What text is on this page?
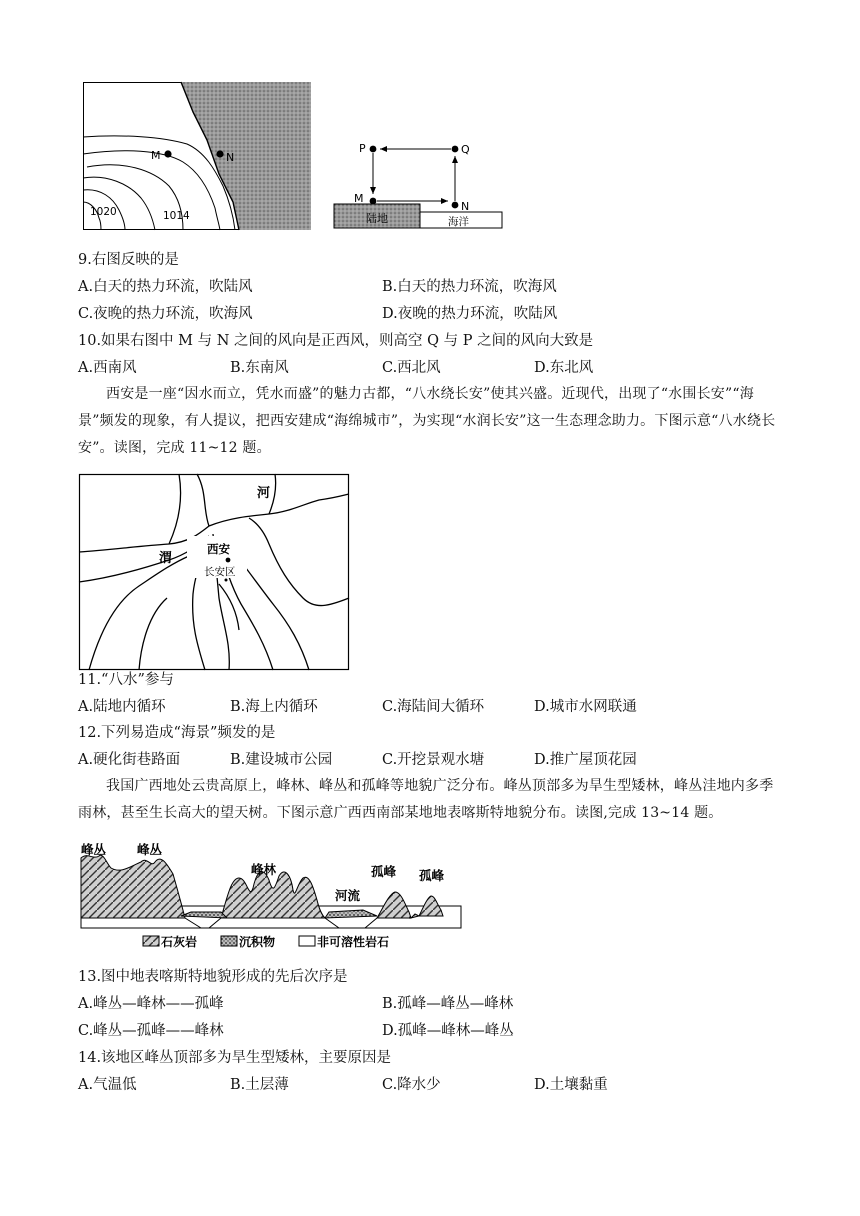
M	N
1020	1014	陆地	海洋
P	Q
M
N
9.右图反映的是
A.白天的热力环流，吹陆风	B.白天的热力环流，吹海风
C.夜晚的热力环流，吹海风	D.夜晚的热力环流，吹陆风
10.如果右图中 M 与 N 之间的风向是正西风，则高空 Q 与 P 之间的风向大致是
A.西南风	B.东南风	C.西北风	D.东北风
西安是一座“因水而立，凭水而盛”的魅力古都，“八水绕长安”使其兴盛。近现代，出现了“水围长安”“海景”频发的现象，有人提议，把西安建成“海绵城市”，为实现“水润长安”这一生态理念助力。下图示意“八水绕长安”。读图，完成 11~12 题。
西安
长安区
河
渭
11.“八水”参与
A.陆地内循环	B.海上内循环	C.海陆间大循环	D.城市水网联通
12.下列易造成“海景”频发的是
A.硬化街巷路面	B.建设城市公园	C.开挖景观水塘	D.推广屋顶花园
我国广西地处云贵高原上，峰林、峰丛和孤峰等地貌广泛分布。峰丛顶部多为旱生型矮林，峰丛洼地内多季雨林，甚至生长高大的望天树。下图示意广西西南部某地地表喀斯特地貌分布。读图,完成 13~14 题。
峰丛 峰丛
峰林
河流
孤峰 孤峰
石灰岩	沉积物	非可溶性岩石
13.图中地表喀斯特地貌形成的先后次序是
A.峰丛—峰林——孤峰	B.孤峰—峰丛—峰林
C.峰丛—孤峰——峰林	D.孤峰—峰林—峰丛
14.该地区峰丛顶部多为旱生型矮林，主要原因是
A.气温低	B.土层薄	C.降水少	D.土壤黏重
